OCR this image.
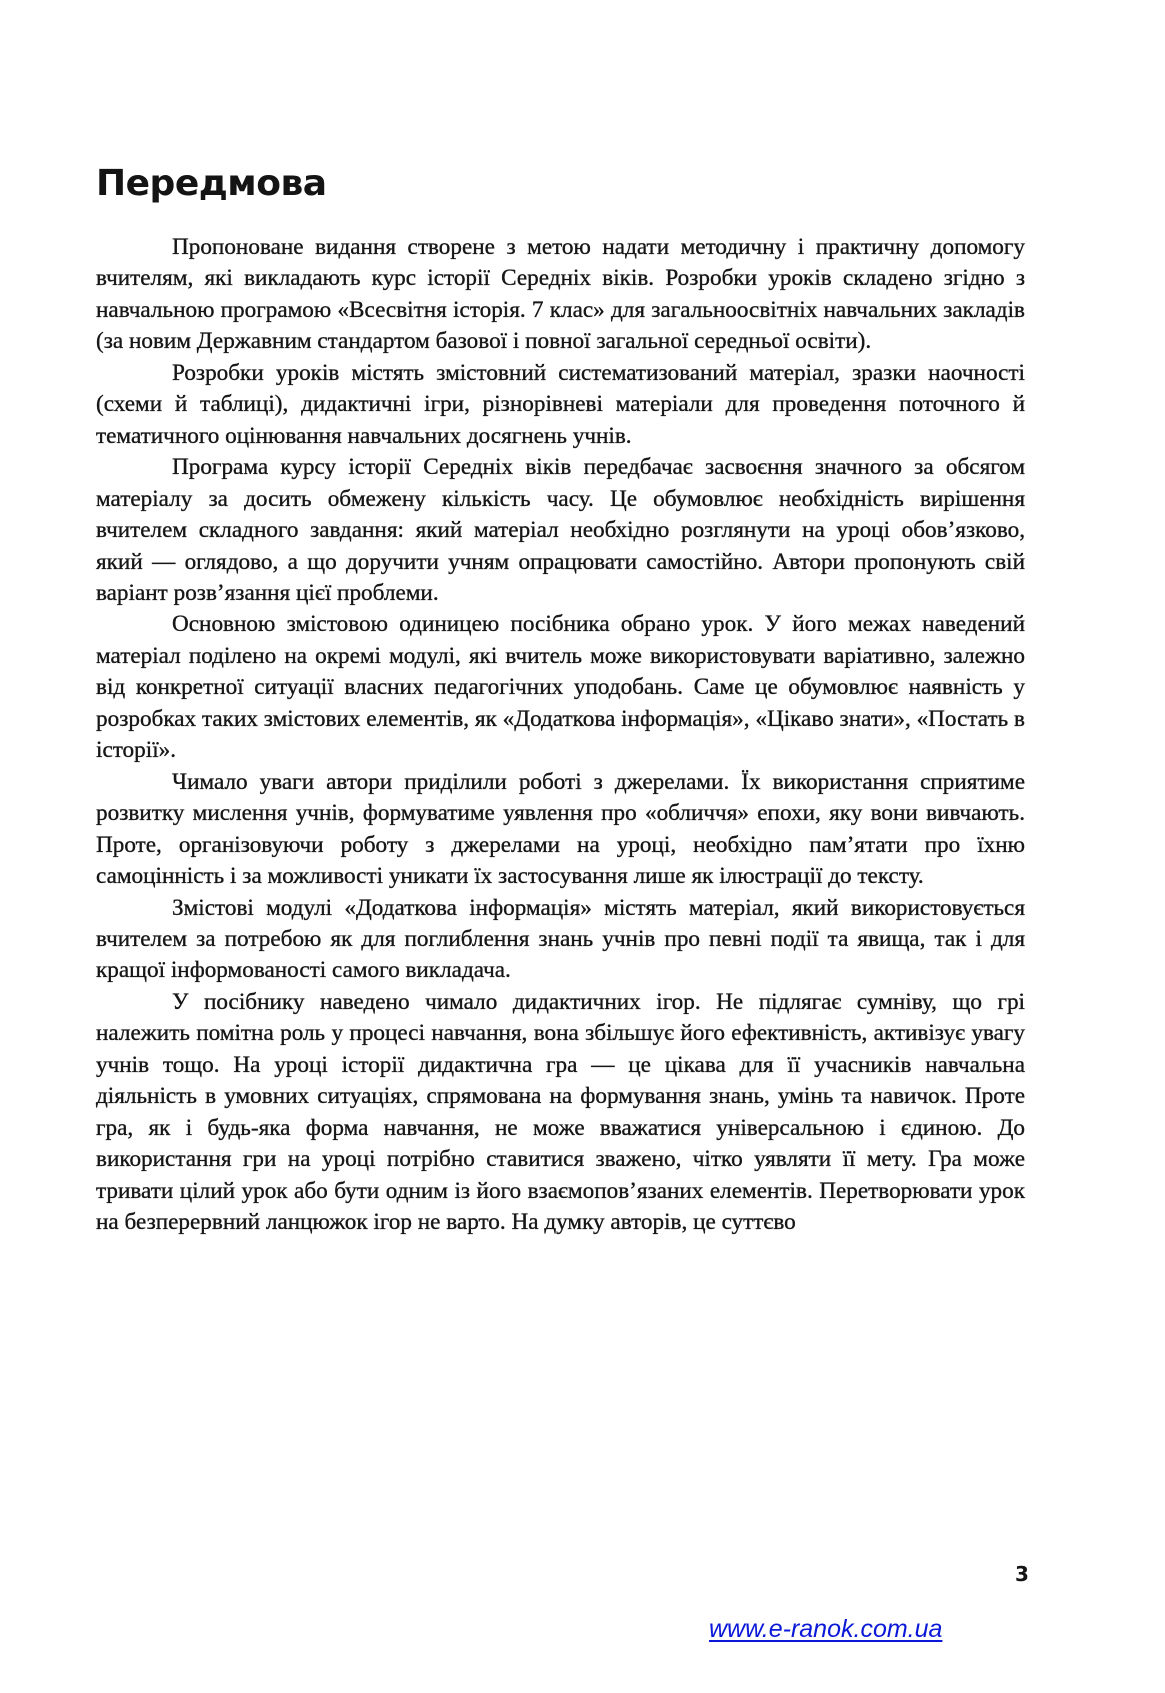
Передмова

Пропоноване видання створене з метою надати методичну і практичну допомогу вчителям, які викладають курс історії Середніх віків. Розробки уроків складено згідно з навчальною програмою «Всесвітня історія. 7 клас» для загальноосвітніх навчальних закладів (за новим Державним стандартом базової і повної загальної середньої освіти).

Розробки уроків містять змістовний систематизований матеріал, зразки наочності (схеми й таблиці), дидактичні ігри, різнорівневі матеріали для проведення поточного й тематичного оцінювання навчальних досягнень учнів.

Програма курсу історії Середніх віків передбачає засвоєння значного за обсягом матеріалу за досить обмежену кількість часу. Це обумовлює необхідність вирішення вчителем складного завдання: який матеріал необхідно розглянути на уроці обов’язково, який — оглядово, а що доручити учням опрацювати самостійно. Автори пропонують свій варіант розв’язання цієї проблеми.

Основною змістовою одиницею посібника обрано урок. У його межах наведений матеріал поділено на окремі модулі, які вчитель може використовувати варіативно, залежно від конкретної ситуації власних педагогічних уподобань. Саме це обумовлює наявність у розробках таких змістових елементів, як «Додаткова інформація», «Цікаво знати», «Постать в історії».

Чимало уваги автори приділили роботі з джерелами. Їх використання сприятиме розвитку мислення учнів, формуватиме уявлення про «обличчя» епохи, яку вони вивчають. Проте, організовуючи роботу з джерелами на уроці, необхідно пам’ятати про їхню самоцінність і за можливості уникати їх застосування лише як ілюстрації до тексту.

Змістові модулі «Додаткова інформація» містять матеріал, який використовується вчителем за потребою як для поглиблення знань учнів про певні події та явища, так і для кращої інформованості самого викладача.

У посібнику наведено чимало дидактичних ігор. Не підлягає сумніву, що грі належить помітна роль у процесі навчання, вона збільшує його ефективність, активізує увагу учнів тощо. На уроці історії дидактична гра — це цікава для її учасників навчальна діяльність в умовних ситуаціях, спрямована на формування знань, умінь та навичок. Проте гра, як і будь-яка форма навчання, не може вважатися універсальною і єдиною. До використання гри на уроці потрібно ставитися зважено, чітко уявляти її мету. Гра може тривати цілий урок або бути одним із його взаємопов’язаних елементів. Перетворювати урок на безперервний ланцюжок ігор не варто. На думку авторів, це суттєво

3
www.e-ranok.com.ua
